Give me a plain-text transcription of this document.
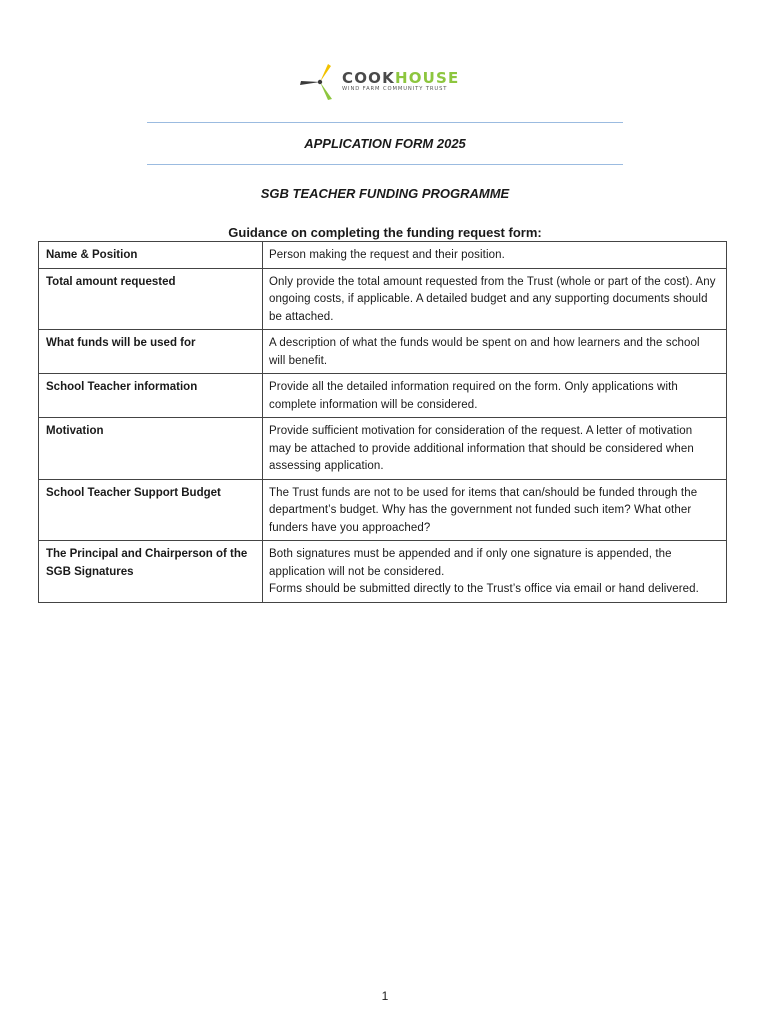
COOKHOUSE
WIND FARM COMMUNITY TRUST
APPLICATION FORM 2025
SGB TEACHER FUNDING PROGRAMME
Guidance on completing the funding request form:
Name & Position	Person making the request and their position.

Total amount requested	Only provide the total amount requested from the Trust (whole or part of the cost). Any ongoing costs, if applicable. A detailed budget and any supporting documents should be attached.

What funds will be used for	A description of what the funds would be spent on and how learners and the school will benefit.

School Teacher information	Provide all the detailed information required on the form. Only applications with complete information will be considered.

Motivation	Provide sufficient motivation for consideration of the request. A letter of motivation may be attached to provide additional information that should be considered when assessing application.

School Teacher Support Budget	The Trust funds are not to be used for items that can/should be funded through the department’s budget. Why has the government not funded such item? What other funders have you approached?

The Principal and Chairperson of the SGB Signatures	Both signatures must be appended and if only one signature is appended, the application will not be considered.

Forms should be submitted directly to the Trust’s office via email or hand delivered.

1
